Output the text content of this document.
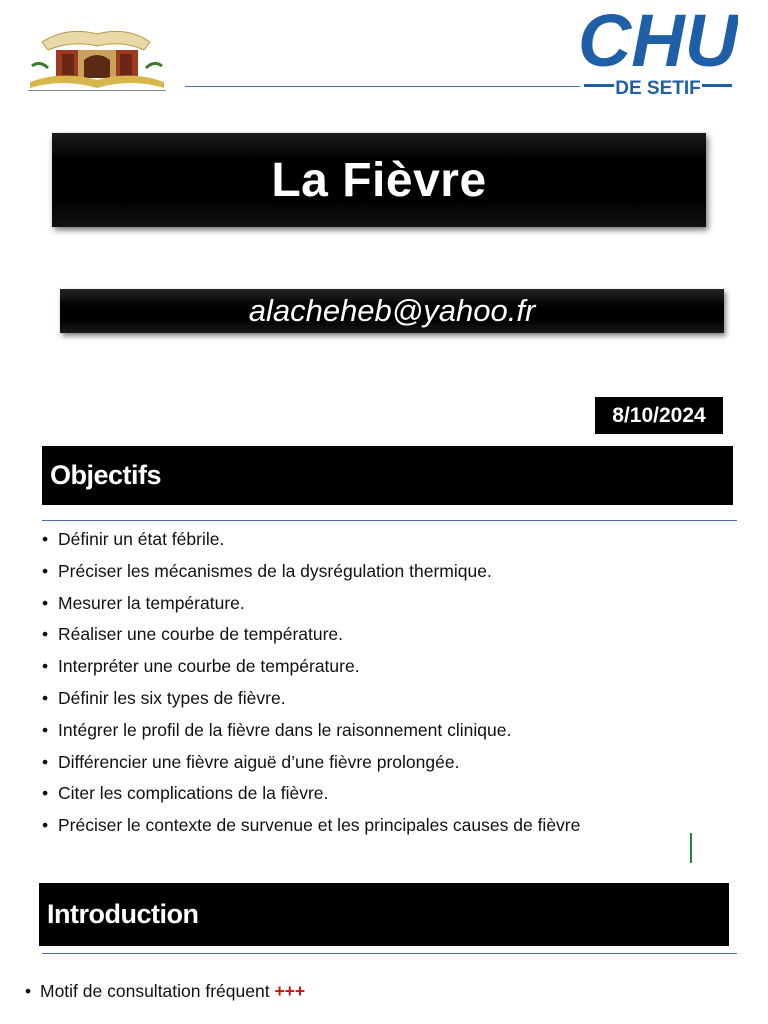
CHU
DE SETIF
La Fièvre
alacheheb@yahoo.fr
8/10/2024
Objectifs
• Définir un état fébrile.
• Préciser les mécanismes de la dysrégulation thermique.
• Mesurer la température.
• Réaliser une courbe de température.
• Interpréter une courbe de température.
• Définir les six types de fièvre.
• Intégrer le profil de la fièvre dans le raisonnement clinique.
• Différencier une fièvre aiguë d’une fièvre prolongée.
• Citer les complications de la fièvre.
• Préciser le contexte de survenue et les principales causes de fièvre
Introduction
• Motif de consultation fréquent +++
